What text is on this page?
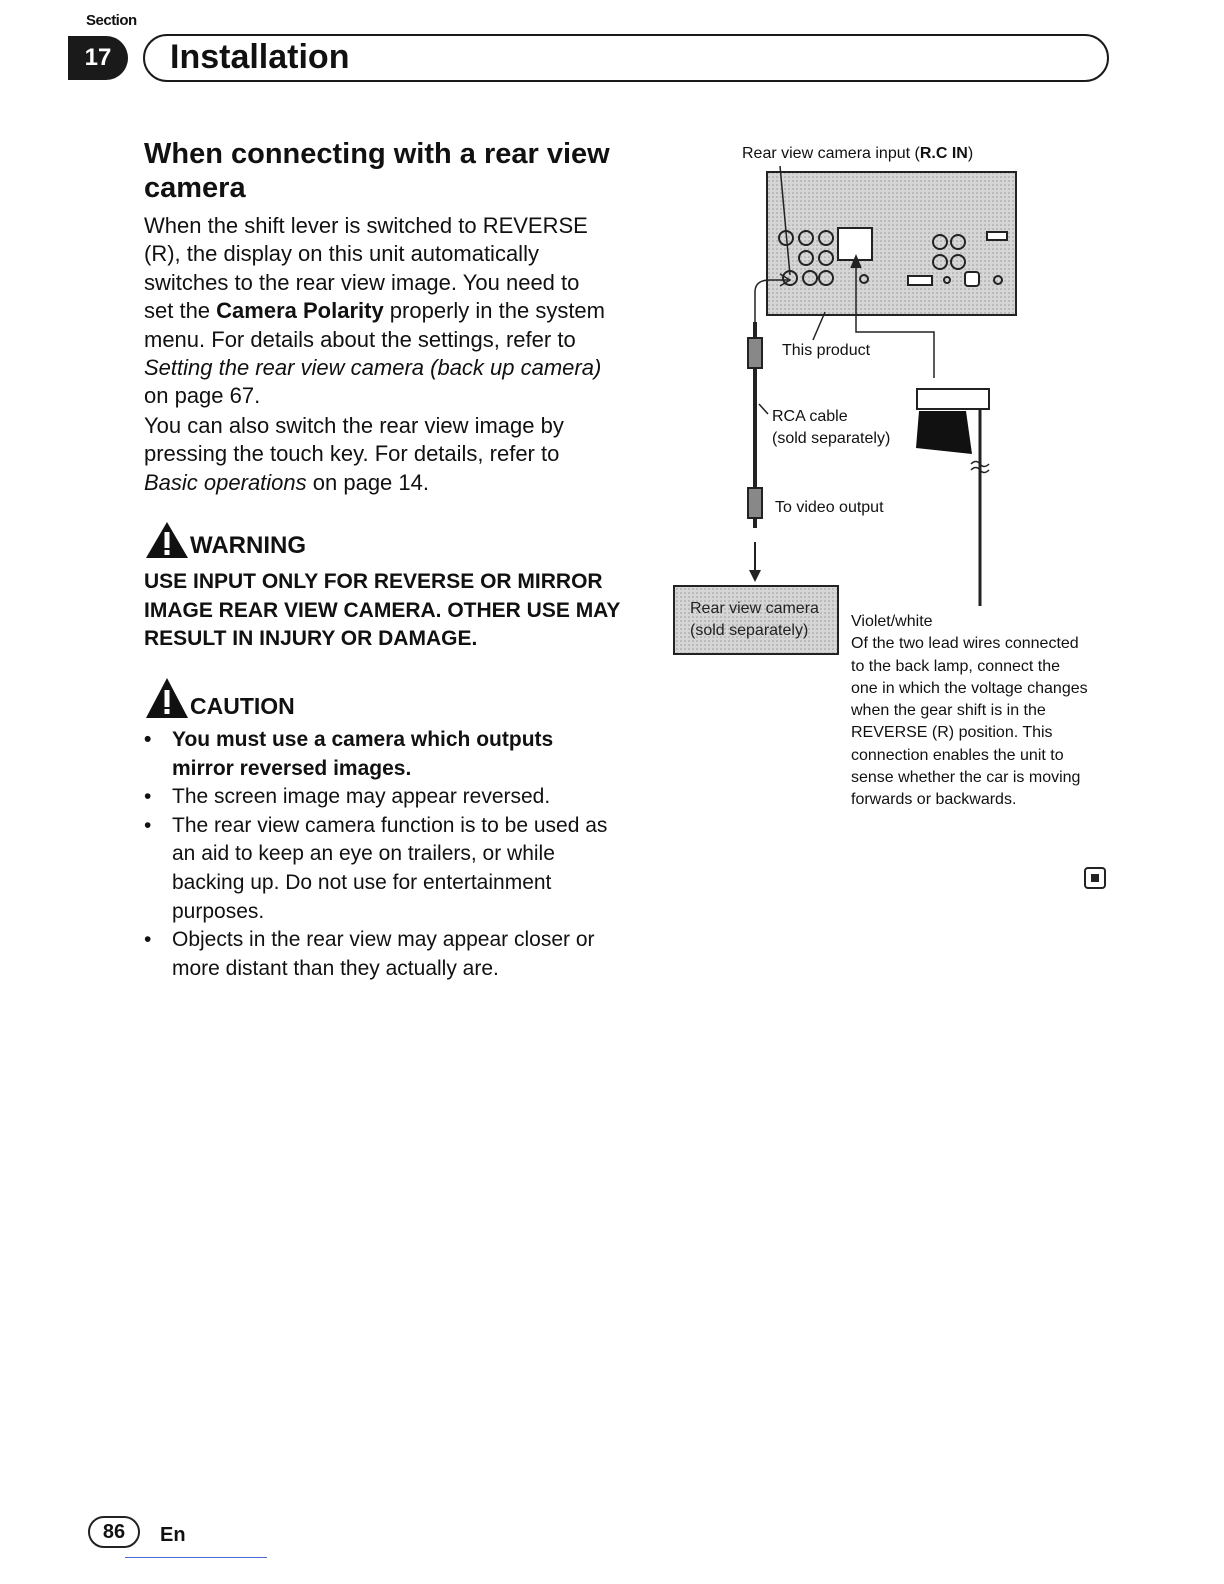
Section
17	Installation
When connecting with a rear view camera
When the shift lever is switched to REVERSE (R), the display on this unit automatically switches to the rear view image. You need to set the Camera Polarity properly in the system menu. For details about the settings, refer to Setting the rear view camera (back up camera) on page 67.
You can also switch the rear view image by pressing the touch key. For details, refer to Basic operations on page 14.
WARNING
USE INPUT ONLY FOR REVERSE OR MIRROR IMAGE REAR VIEW CAMERA. OTHER USE MAY RESULT IN INJURY OR DAMAGE.
CAUTION
• You must use a camera which outputs mirror reversed images.
• The screen image may appear reversed.
• The rear view camera function is to be used as an aid to keep an eye on trailers, or while backing up. Do not use for entertainment purposes.
• Objects in the rear view may appear closer or more distant than they actually are.
Rear view camera input (R.C IN)
This product
RCA cable
(sold separately)
To video output
Rear view camera
(sold separately)
Violet/white
Of the two lead wires connected to the back lamp, connect the one in which the voltage changes when the gear shift is in the REVERSE (R) position. This connection enables the unit to sense whether the car is moving forwards or backwards.
86	En
